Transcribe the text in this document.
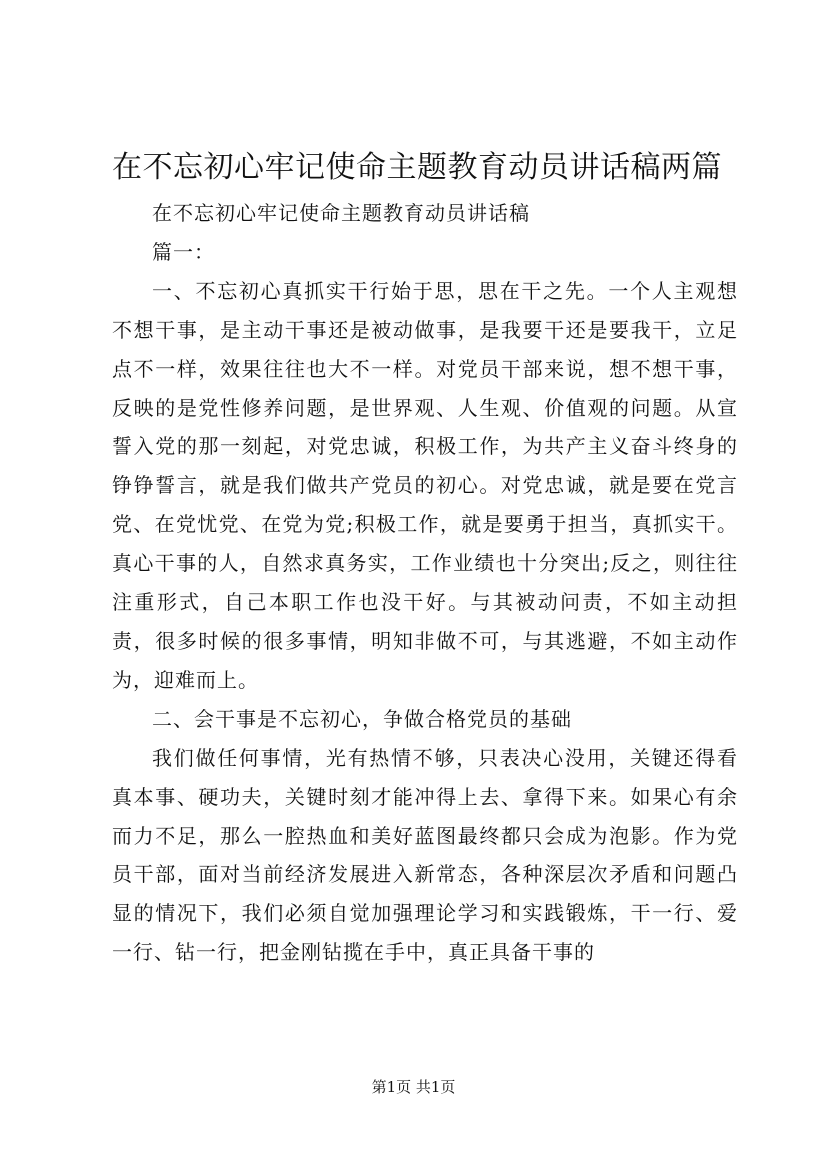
在不忘初心牢记使命主题教育动员讲话稿两篇

在不忘初心牢记使命主题教育动员讲话稿

篇一：

一、不忘初心真抓实干行始于思，思在干之先。一个人主观想不想干事，是主动干事还是被动做事，是我要干还是要我干，立足点不一样，效果往往也大不一样。对党员干部来说，想不想干事，反映的是党性修养问题，是世界观、人生观、价值观的问题。从宣誓入党的那一刻起，对党忠诚，积极工作，为共产主义奋斗终身的铮铮誓言，就是我们做共产党员的初心。对党忠诚，就是要在党言党、在党忧党、在党为党;积极工作，就是要勇于担当，真抓实干。真心干事的人，自然求真务实，工作业绩也十分突出;反之，则往往注重形式，自己本职工作也没干好。与其被动问责，不如主动担责，很多时候的很多事情，明知非做不可，与其逃避，不如主动作为，迎难而上。

二、会干事是不忘初心，争做合格党员的基础

我们做任何事情，光有热情不够，只表决心没用，关键还得看真本事、硬功夫，关键时刻才能冲得上去、拿得下来。如果心有余而力不足，那么一腔热血和美好蓝图最终都只会成为泡影。作为党员干部，面对当前经济发展进入新常态，各种深层次矛盾和问题凸显的情况下，我们必须自觉加强理论学习和实践锻炼，干一行、爱一行、钻一行，把金刚钻揽在手中，真正具备干事的

第1页 共1页
